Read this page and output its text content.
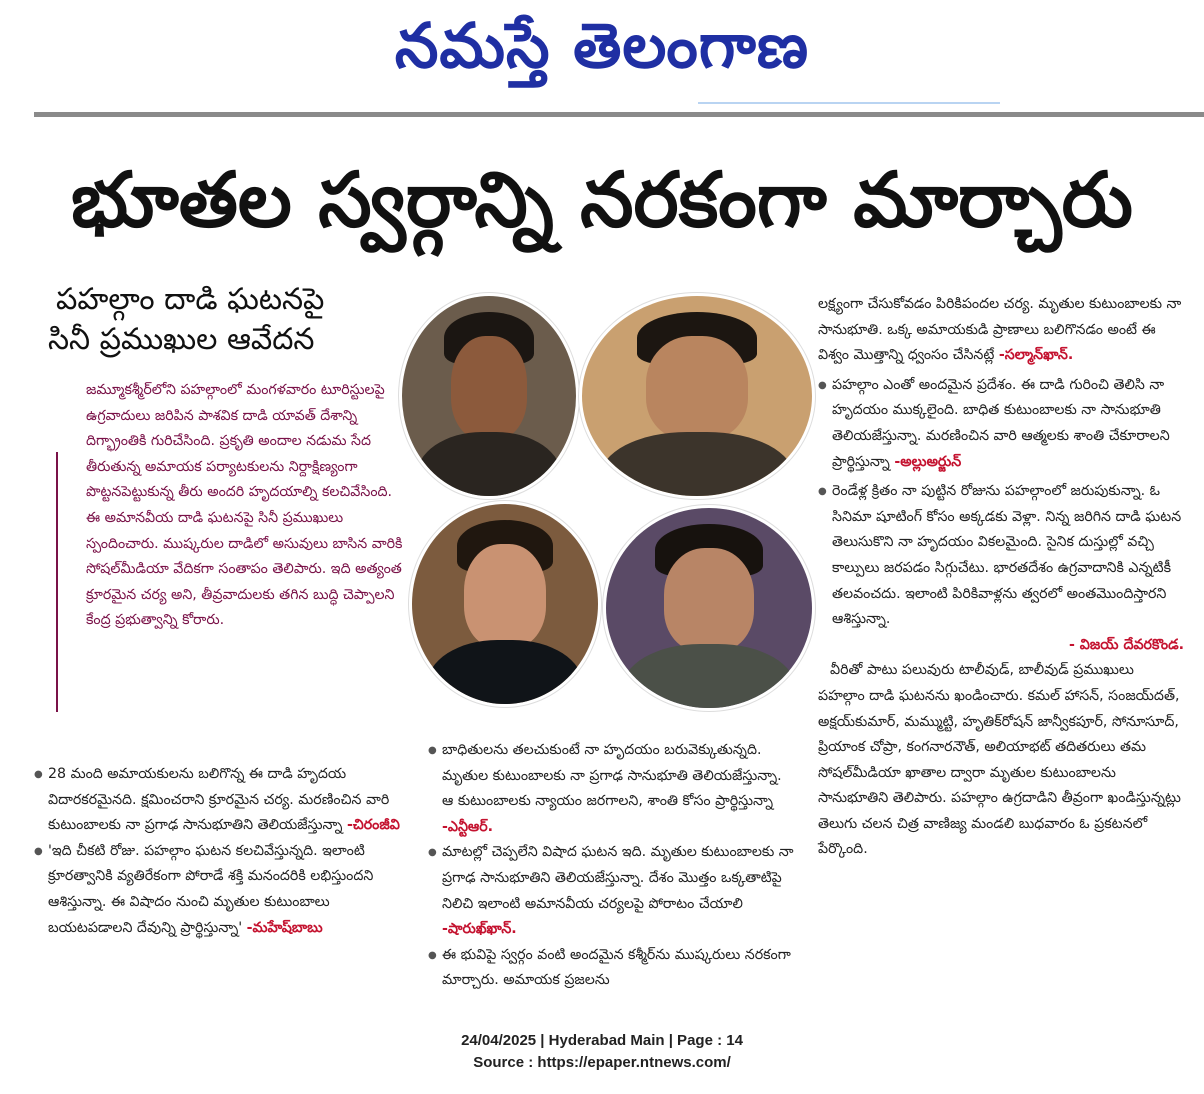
నమస్తే తెలంగాణ
భూతల స్వర్గాన్ని నరకంగా మార్చారు
పహల్గాం దాడి ఘటనపై
సినీ ప్రముఖుల ఆవేదన
జమ్మూకశ్మీర్‌లోని పహల్గాంలో మంగళవారం టూరిస్టులపై ఉగ్రవాదులు జరిపిన పాశవిక దాడి యావత్ దేశాన్ని దిగ్భ్రాంతికి గురిచేసింది. ప్రకృతి అందాల నడుమ సేద తీరుతున్న అమాయక పర్యాటకులను నిర్దాక్షిణ్యంగా పొట్టనపెట్టుకున్న తీరు అందరి హృదయాల్ని కలచివేసింది. ఈ అమానవీయ దాడి ఘటనపై సినీ ప్రముఖులు స్పందించారు. ముష్కరుల దాడిలో అసువులు బాసిన వారికి సోషల్‌మీడియా వేదికగా సంతాపం తెలిపారు. ఇది అత్యంత క్రూరమైన చర్య అని, తీవ్రవాదులకు తగిన బుద్ధి చెప్పాలని కేంద్ర ప్రభుత్వాన్ని కోరారు.

● 28 మంది అమాయకులను బలిగొన్న ఈ దాడి హృదయ విదారకరమైనది. క్షమించరాని క్రూరమైన చర్య. మరణించిన వారి కుటుంబాలకు నా ప్రగాఢ సానుభూతిని తెలియజేస్తున్నా -చిరంజీవి

● 'ఇది చీకటి రోజు. పహల్గాం ఘటన కలచివేస్తున్నది. ఇలాంటి క్రూరత్వానికి వ్యతిరేకంగా పోరాడే శక్తి మనందరికి లభిస్తుందని ఆశిస్తున్నా. ఈ విషాదం నుంచి మృతుల కుటుంబాలు బయటపడాలని దేవున్ని ప్రార్థిస్తున్నా' -మహేష్‌బాబు

● బాధితులను తలచుకుంటే నా హృదయం బరువెక్కుతున్నది. మృతుల కుటుంబాలకు నా ప్రగాఢ సానుభూతి తెలియజేస్తున్నా. ఆ కుటుంబాలకు న్యాయం జరగాలని, శాంతి కోసం ప్రార్థిస్తున్నా -ఎన్టీఆర్.

● మాటల్లో చెప్పలేని విషాద ఘటన ఇది. మృతుల కుటుంబాలకు నా ప్రగాఢ సానుభూతిని తెలియజేస్తున్నా. దేశం మొత్తం ఒక్కతాటిపై నిలిచి ఇలాంటి అమానవీయ చర్యలపై పోరాటం చేయాలి -షారుఖ్‌ఖాన్.

● ఈ భువిపై స్వర్గం వంటి అందమైన కశ్మీర్‌ను ముష్కరులు నరకంగా మార్చారు. అమాయక ప్రజలను

లక్ష్యంగా చేసుకోవడం పిరికిపందల చర్య. మృతుల కుటుంబాలకు నా సానుభూతి. ఒక్క అమాయకుడి ప్రాణాలు బలిగొనడం అంటే ఈ విశ్వం మొత్తాన్ని ధ్వంసం చేసినట్లే -సల్మాన్‌ఖాన్.

● పహల్గాం ఎంతో అందమైన ప్రదేశం. ఈ దాడి గురించి తెలిసి నా హృదయం ముక్కలైంది. బాధిత కుటుంబాలకు నా సానుభూతి తెలియజేస్తున్నా. మరణించిన వారి ఆత్మలకు శాంతి చేకూరాలని ప్రార్థిస్తున్నా -అల్లుఅర్జున్

● రెండేళ్ల క్రితం నా పుట్టిన రోజును పహల్గాంలో జరుపుకున్నా. ఓ సినిమా షూటింగ్ కోసం అక్కడకు వెళ్లా. నిన్న జరిగిన దాడి ఘటన తెలుసుకొని నా హృదయం వికలమైంది. సైనిక దుస్తుల్లో వచ్చి కాల్పులు జరపడం సిగ్గుచేటు. భారతదేశం ఉగ్రవాదానికి ఎన్నటికీ తలవంచదు. ఇలాంటి పిరికివాళ్లను త్వరలో అంతమొందిస్తారని ఆశిస్తున్నా.

- విజయ్ దేవరకొండ.

వీరితో పాటు పలువురు టాలీవుడ్, బాలీవుడ్ ప్రముఖులు పహల్గాం దాడి ఘటనను ఖండించారు. కమల్ హాసన్, సంజయ్‌దత్, అక్షయ్‌కుమార్, మమ్ముట్టి, హృతిక్‌రోషన్ జాన్వీకపూర్, సోనూసూద్, ప్రియాంక చోప్రా, కంగనారనౌత్, అలియాభట్ తదితరులు తమ సోషల్‌మీడియా ఖాతాల ద్వారా మృతుల కుటుంబాలను సానుభూతిని తెలిపారు. పహల్గాం ఉగ్రదాడిని తీవ్రంగా ఖండిస్తున్నట్లు తెలుగు చలన చిత్ర వాణిజ్య మండలి బుధవారం ఓ ప్రకటనలో పేర్కొంది.

24/04/2025 | Hyderabad Main | Page : 14
Source : https://epaper.ntnews.com/
